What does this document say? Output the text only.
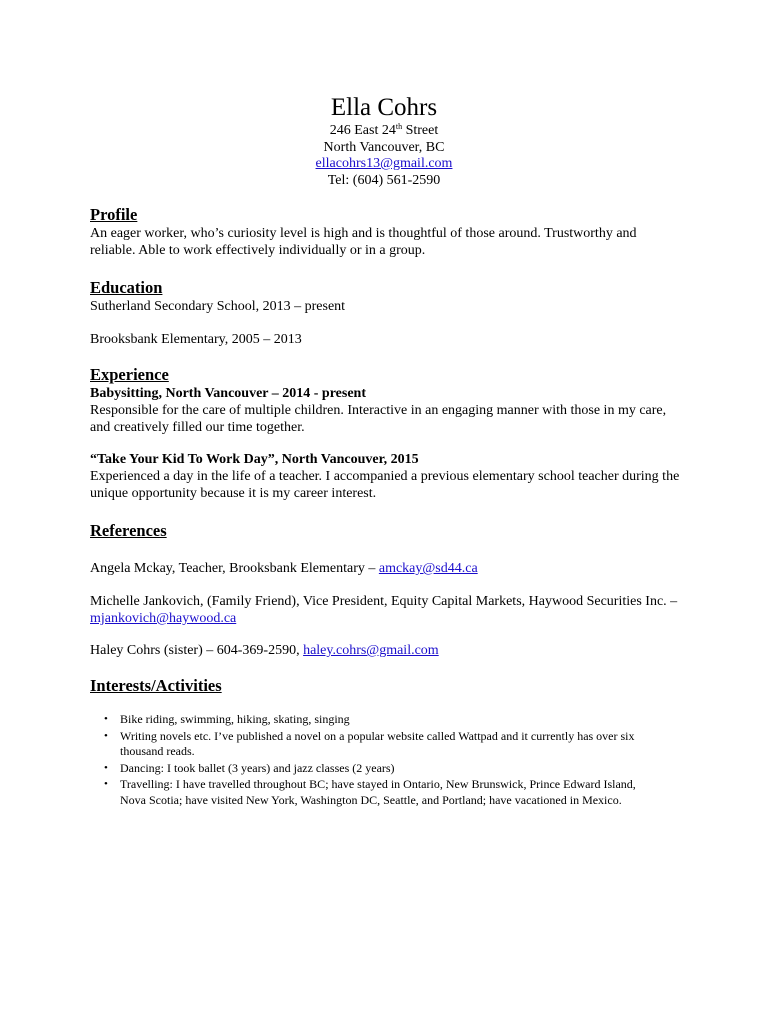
Ella Cohrs

246 East 24th Street

North Vancouver, BC

ellacohrs13@gmail.com

Tel: (604) 561-2590

Profile

An eager worker, who’s curiosity level is high and is thoughtful of those around. Trustworthy and

reliable. Able to work effectively individually or in a group.

Education

Sutherland Secondary School, 2013 – present

Brooksbank Elementary, 2005 – 2013

Experience

Babysitting, North Vancouver – 2014 - present

Responsible for the care of multiple children. Interactive in an engaging manner with those in my care,

and creatively filled our time together.

“Take Your Kid To Work Day”, North Vancouver, 2015

Experienced a day in the life of a teacher. I accompanied a previous elementary school teacher during the

unique opportunity because it is my career interest.

References

Angela Mckay, Teacher, Brooksbank Elementary – amckay@sd44.ca

Michelle Jankovich, (Family Friend), Vice President, Equity Capital Markets, Haywood Securities Inc. –

mjankovich@haywood.ca

Haley Cohrs (sister) – 604-369-2590, haley.cohrs@gmail.com

Interests/Activities
• Bike riding, swimming, hiking, skating, singing
• Writing novels etc. I’ve published a novel on a popular website called Wattpad and it currently has over six
thousand reads.
• Dancing: I took ballet (3 years) and jazz classes (2 years)
• Travelling: I have travelled throughout BC; have stayed in Ontario, New Brunswick, Prince Edward Island,
Nova Scotia; have visited New York, Washington DC, Seattle, and Portland; have vacationed in Mexico.
